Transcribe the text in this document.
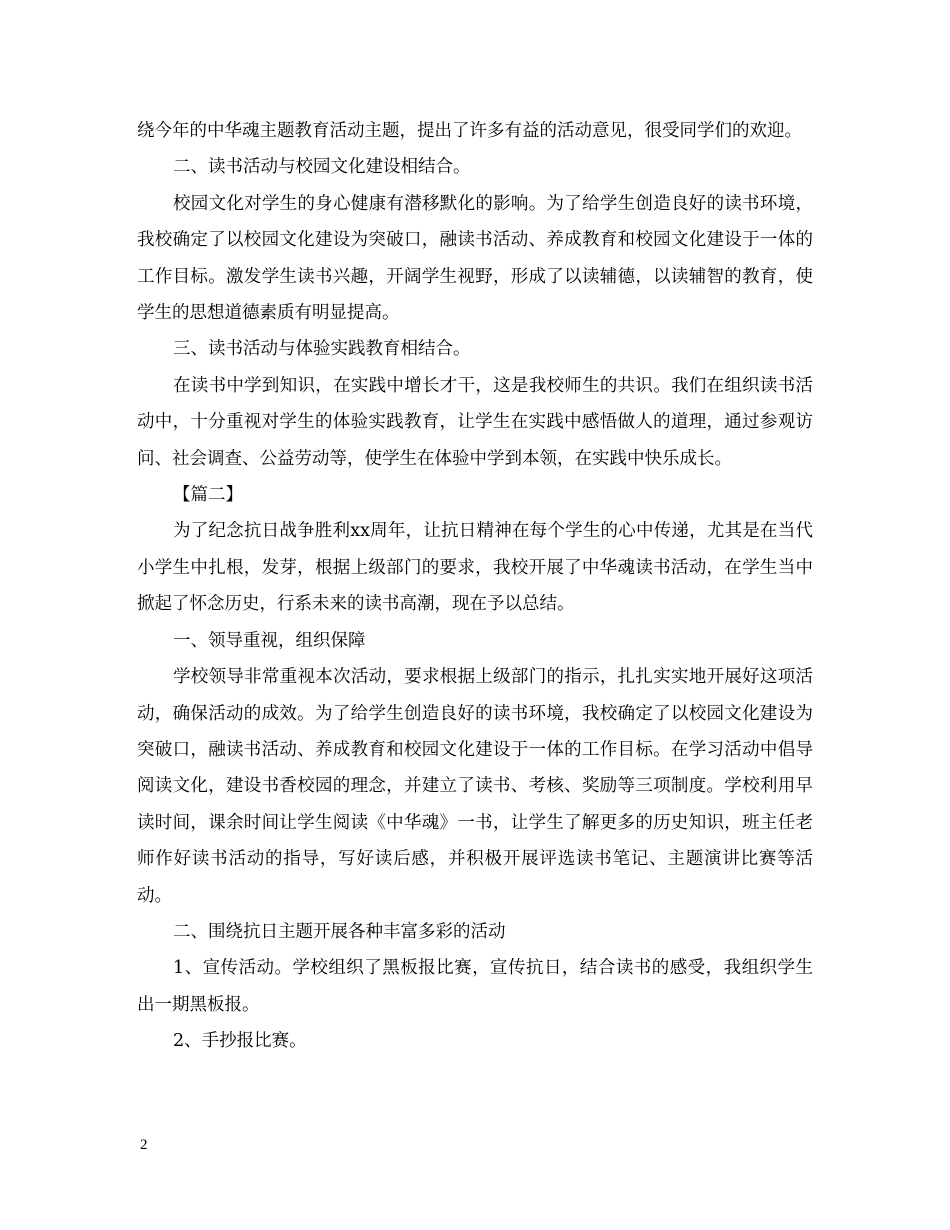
绕今年的中华魂主题教育活动主题，提出了许多有益的活动意见，很受同学们的欢迎。

二、读书活动与校园文化建设相结合。

校园文化对学生的身心健康有潜移默化的影响。为了给学生创造良好的读书环境，我校确定了以校园文化建设为突破口，融读书活动、养成教育和校园文化建设于一体的工作目标。激发学生读书兴趣，开阔学生视野，形成了以读辅德，以读辅智的教育，使学生的思想道德素质有明显提高。

三、读书活动与体验实践教育相结合。

在读书中学到知识，在实践中增长才干，这是我校师生的共识。我们在组织读书活动中，十分重视对学生的体验实践教育，让学生在实践中感悟做人的道理，通过参观访问、社会调查、公益劳动等，使学生在体验中学到本领，在实践中快乐成长。

【篇二】

为了纪念抗日战争胜利xx周年，让抗日精神在每个学生的心中传递，尤其是在当代小学生中扎根，发芽，根据上级部门的要求，我校开展了中华魂读书活动，在学生当中掀起了怀念历史，行系未来的读书高潮，现在予以总结。

一、领导重视，组织保障

学校领导非常重视本次活动，要求根据上级部门的指示，扎扎实实地开展好这项活动，确保活动的成效。为了给学生创造良好的读书环境，我校确定了以校园文化建设为突破口，融读书活动、养成教育和校园文化建设于一体的工作目标。在学习活动中倡导阅读文化，建设书香校园的理念，并建立了读书、考核、奖励等三项制度。学校利用早读时间，课余时间让学生阅读《中华魂》一书，让学生了解更多的历史知识，班主任老师作好读书活动的指导，写好读后感，并积极开展评选读书笔记、主题演讲比赛等活动。

二、围绕抗日主题开展各种丰富多彩的活动

1、宣传活动。学校组织了黑板报比赛，宣传抗日，结合读书的感受，我组织学生出一期黑板报。

2、手抄报比赛。

2
